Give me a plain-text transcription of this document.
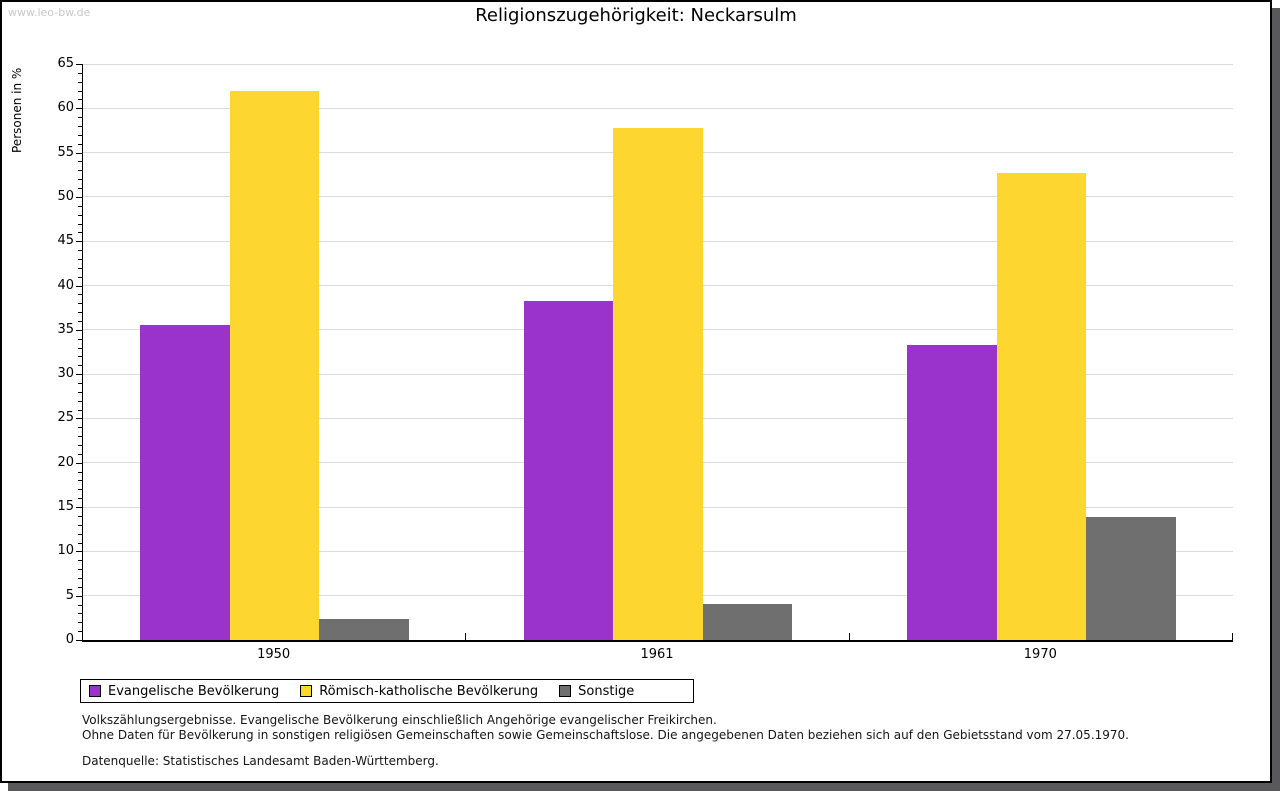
www.leo-bw.de	Religionszugehörigkeit: Neckarsulm
Personen in %
Evangelische Bevölkerung	Römisch-katholische Bevölkerung	Sonstige
Volkszählungsergebnisse. Evangelische Bevölkerung einschließlich Angehörige evangelischer Freikirchen.
Ohne Daten für Bevölkerung in sonstigen religiösen Gemeinschaften sowie Gemeinschaftslose. Die angegebenen Daten beziehen sich auf den Gebietsstand vom 27.05.1970.
Datenquelle: Statistisches Landesamt Baden-Württemberg.
0
5
10
15
20
25
30
35
40
45
50
55
60
65
1950	1961	1970
